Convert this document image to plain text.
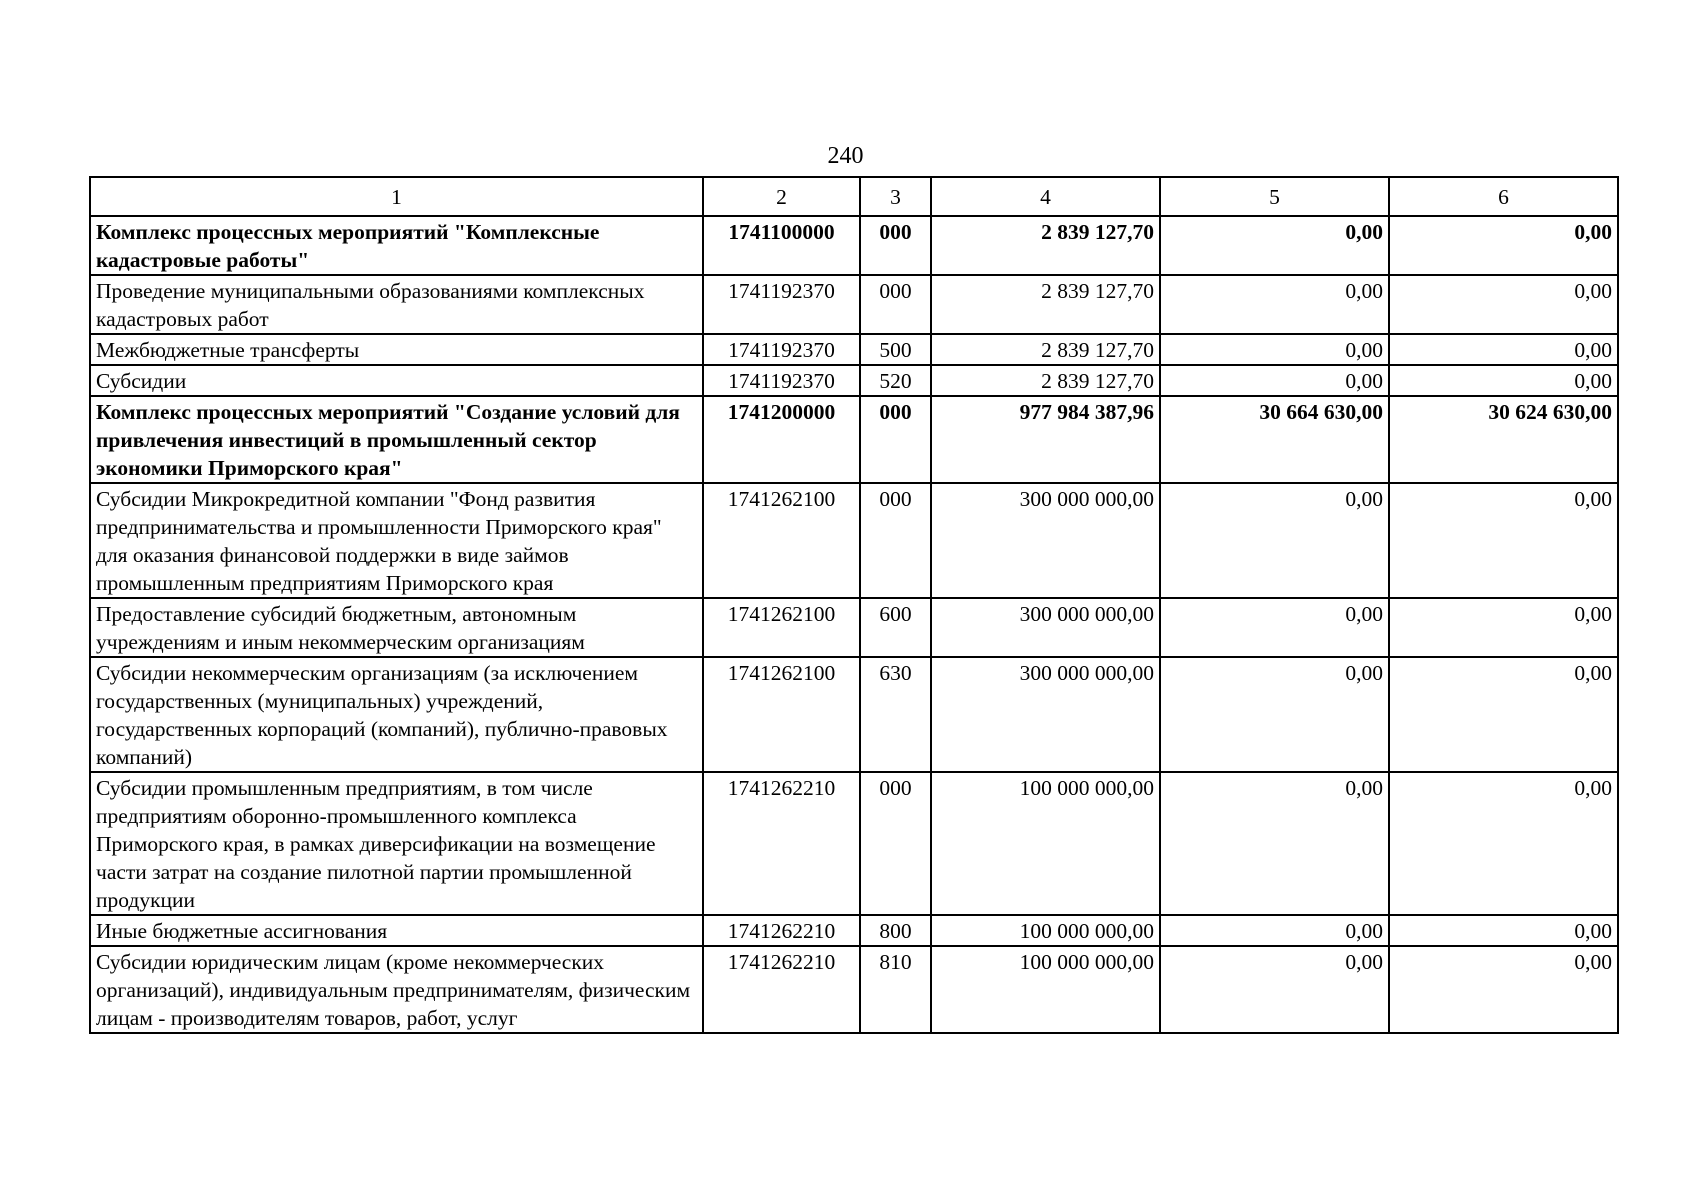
240
1	2	3	4	5	6
Комплекс процессных мероприятий "Комплексные кадастровые работы"	1741100000	000	2 839 127,70	0,00	0,00
Проведение муниципальными образованиями комплексных кадастровых работ	1741192370	000	2 839 127,70	0,00	0,00
Межбюджетные трансферты	1741192370	500	2 839 127,70	0,00	0,00
Субсидии	1741192370	520	2 839 127,70	0,00	0,00
Комплекс процессных мероприятий "Создание условий для привлечения инвестиций в промышленный сектор экономики Приморского края"	1741200000	000	977 984 387,96	30 664 630,00	30 624 630,00
Субсидии Микрокредитной компании "Фонд развития предпринимательства и промышленности Приморского края" для оказания финансовой поддержки в виде займов промышленным предприятиям Приморского края	1741262100	000	300 000 000,00	0,00	0,00
Предоставление субсидий бюджетным, автономным учреждениям и иным некоммерческим организациям	1741262100	600	300 000 000,00	0,00	0,00
Субсидии некоммерческим организациям (за исключением государственных (муниципальных) учреждений, государственных корпораций (компаний), публично-правовых компаний)	1741262100	630	300 000 000,00	0,00	0,00
Субсидии промышленным предприятиям, в том числе предприятиям оборонно-промышленного комплекса Приморского края, в рамках диверсификации на возмещение части затрат на создание пилотной партии промышленной продукции	1741262210	000	100 000 000,00	0,00	0,00
Иные бюджетные ассигнования	1741262210	800	100 000 000,00	0,00	0,00
Субсидии юридическим лицам (кроме некоммерческих организаций), индивидуальным предпринимателям, физическим лицам - производителям товаров, работ, услуг	1741262210	810	100 000 000,00	0,00	0,00
